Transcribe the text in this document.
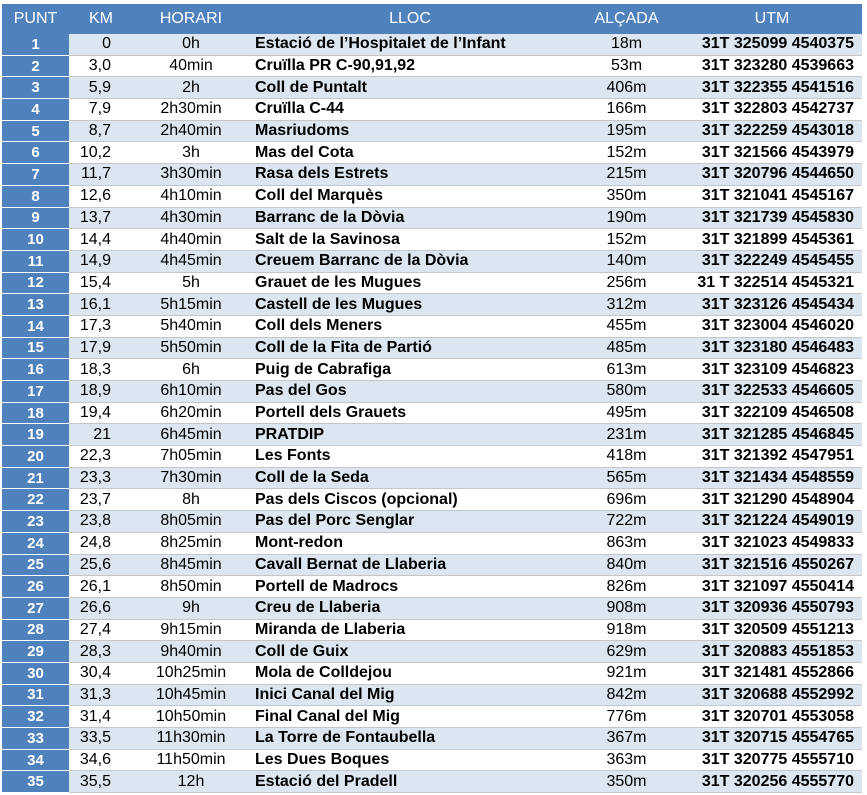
PUNT	KM	HORARI	LLOC	ALÇADA	UTM
1	0	0h	Estació de l’Hospitalet de l’Infant	18m	31T 325099 4540375
2	3,0	40min	Cruïlla PR C-90,91,92	53m	31T 323280 4539663
3	5,9	2h	Coll de Puntalt	406m	31T 322355 4541516
4	7,9	2h30min	Cruïlla C-44	166m	31T 322803 4542737
5	8,7	2h40min	Masriudoms	195m	31T 322259 4543018
6	10,2	3h	Mas del Cota	152m	31T 321566 4543979
7	11,7	3h30min	Rasa dels Estrets	215m	31T 320796 4544650
8	12,6	4h10min	Coll del Marquès	350m	31T 321041 4545167
9	13,7	4h30min	Barranc de la Dòvia	190m	31T 321739 4545830
10	14,4	4h40min	Salt de la Savinosa	152m	31T 321899 4545361
11	14,9	4h45min	Creuem Barranc de la Dòvia	140m	31T 322249 4545455
12	15,4	5h	Grauet de les Mugues	256m	31 T 322514 4545321
13	16,1	5h15min	Castell de les Mugues	312m	31T 323126 4545434
14	17,3	5h40min	Coll dels Meners	455m	31T 323004 4546020
15	17,9	5h50min	Coll de la Fita de Partió	485m	31T 323180 4546483
16	18,3	6h	Puig de Cabrafiga	613m	31T 323109 4546823
17	18,9	6h10min	Pas del Gos	580m	31T 322533 4546605
18	19,4	6h20min	Portell dels Grauets	495m	31T 322109 4546508
19	21	6h45min	PRATDIP	231m	31T 321285 4546845
20	22,3	7h05min	Les Fonts	418m	31T 321392 4547951
21	23,3	7h30min	Coll de la Seda	565m	31T 321434 4548559
22	23,7	8h	Pas dels Ciscos (opcional)	696m	31T 321290 4548904
23	23,8	8h05min	Pas del Porc Senglar	722m	31T 321224 4549019
24	24,8	8h25min	Mont-redon	863m	31T 321023 4549833
25	25,6	8h45min	Cavall Bernat de Llaberia	840m	31T 321516 4550267
26	26,1	8h50min	Portell de Madrocs	826m	31T 321097 4550414
27	26,6	9h	Creu de Llaberia	908m	31T 320936 4550793
28	27,4	9h15min	Miranda de Llaberia	918m	31T 320509 4551213
29	28,3	9h40min	Coll de Guix	629m	31T 320883 4551853
30	30,4	10h25min	Mola de Colldejou	921m	31T 321481 4552866
31	31,3	10h45min	Inici Canal del Mig	842m	31T 320688 4552992
32	31,4	10h50min	Final Canal del Mig	776m	31T 320701 4553058
33	33,5	11h30min	La Torre de Fontaubella	367m	31T 320715 4554765
34	34,6	11h50min	Les Dues Boques	363m	31T 320775 4555710
35	35,5	12h	Estació del Pradell	350m	31T 320256 4555770
